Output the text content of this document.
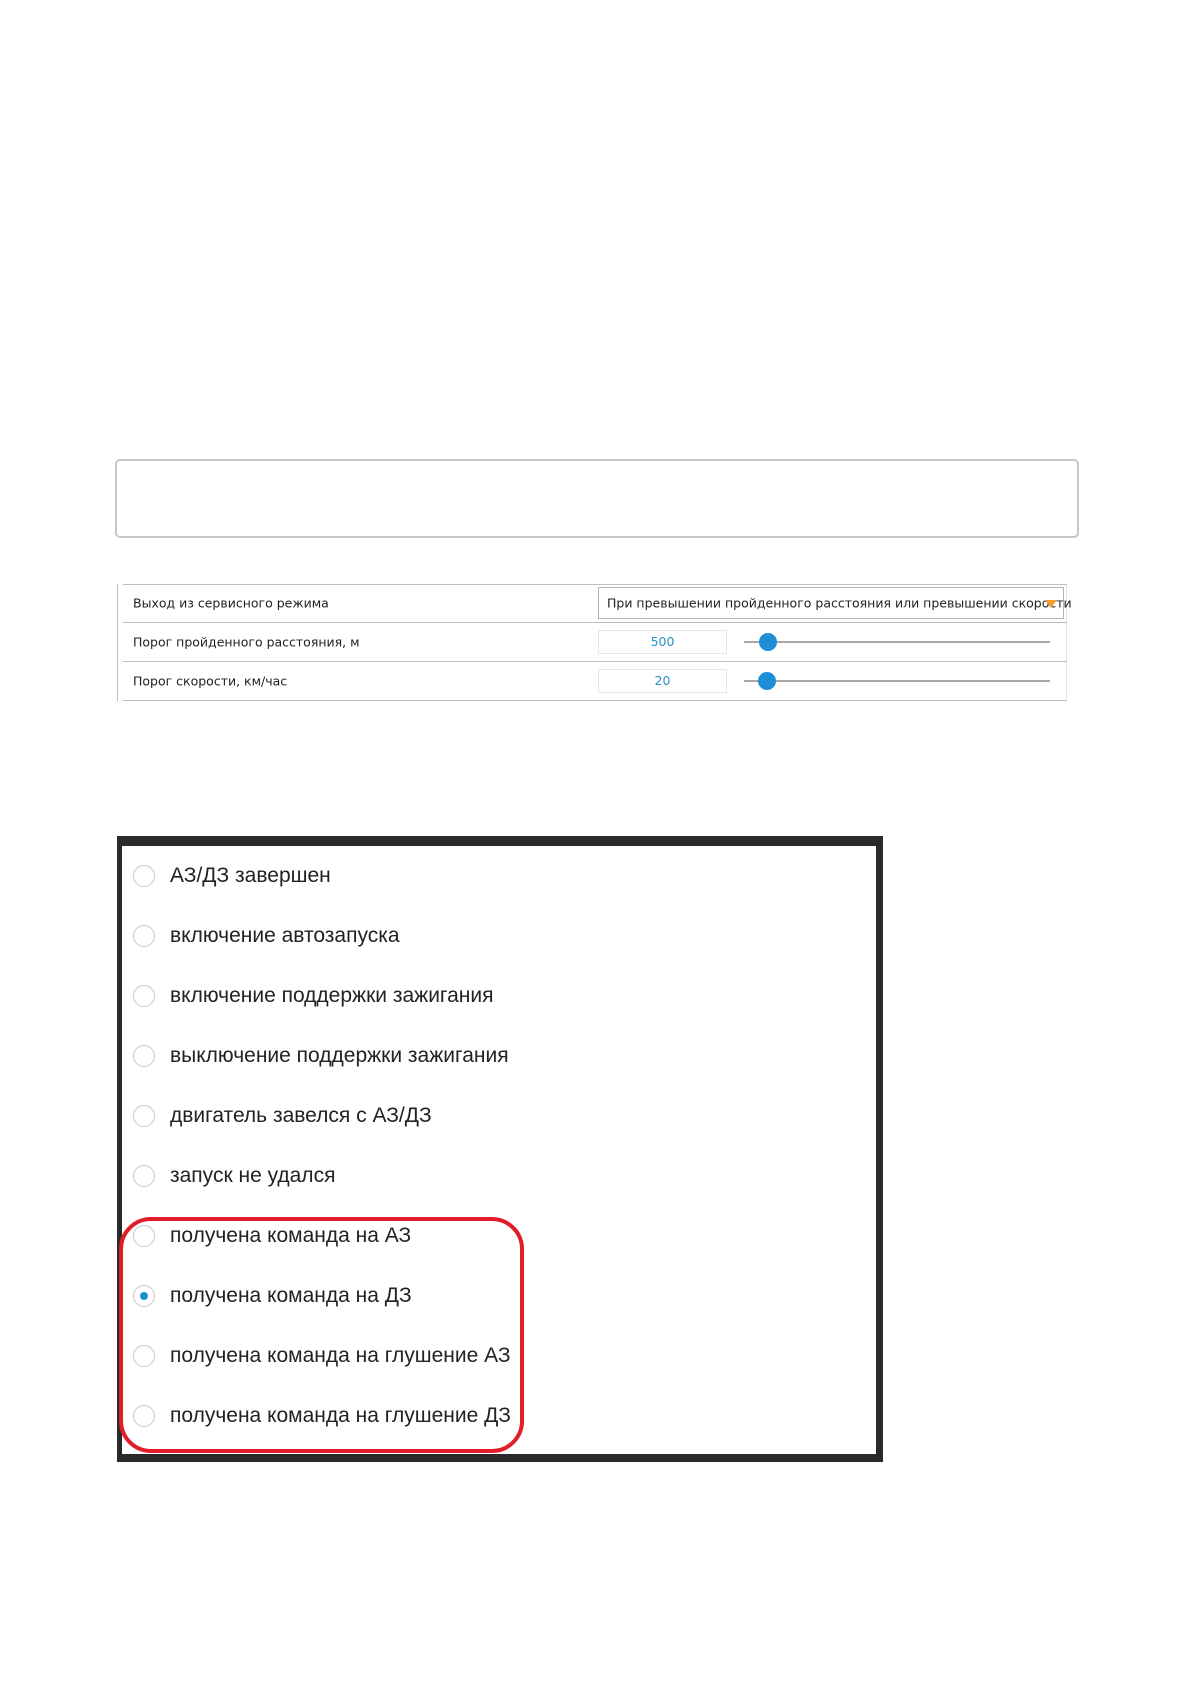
Выход из сервисного режима	При превышении пройденного расстояния или превышении скорости
Порог пройденного расстояния, м	500
Порог скорости, км/час	20
АЗ/ДЗ завершен
включение автозапуска
включение поддержки зажигания
выключение поддержки зажигания
двигатель завелся с АЗ/ДЗ
запуск не удался
получена команда на АЗ
получена команда на ДЗ
получена команда на глушение АЗ
получена команда на глушение ДЗ
